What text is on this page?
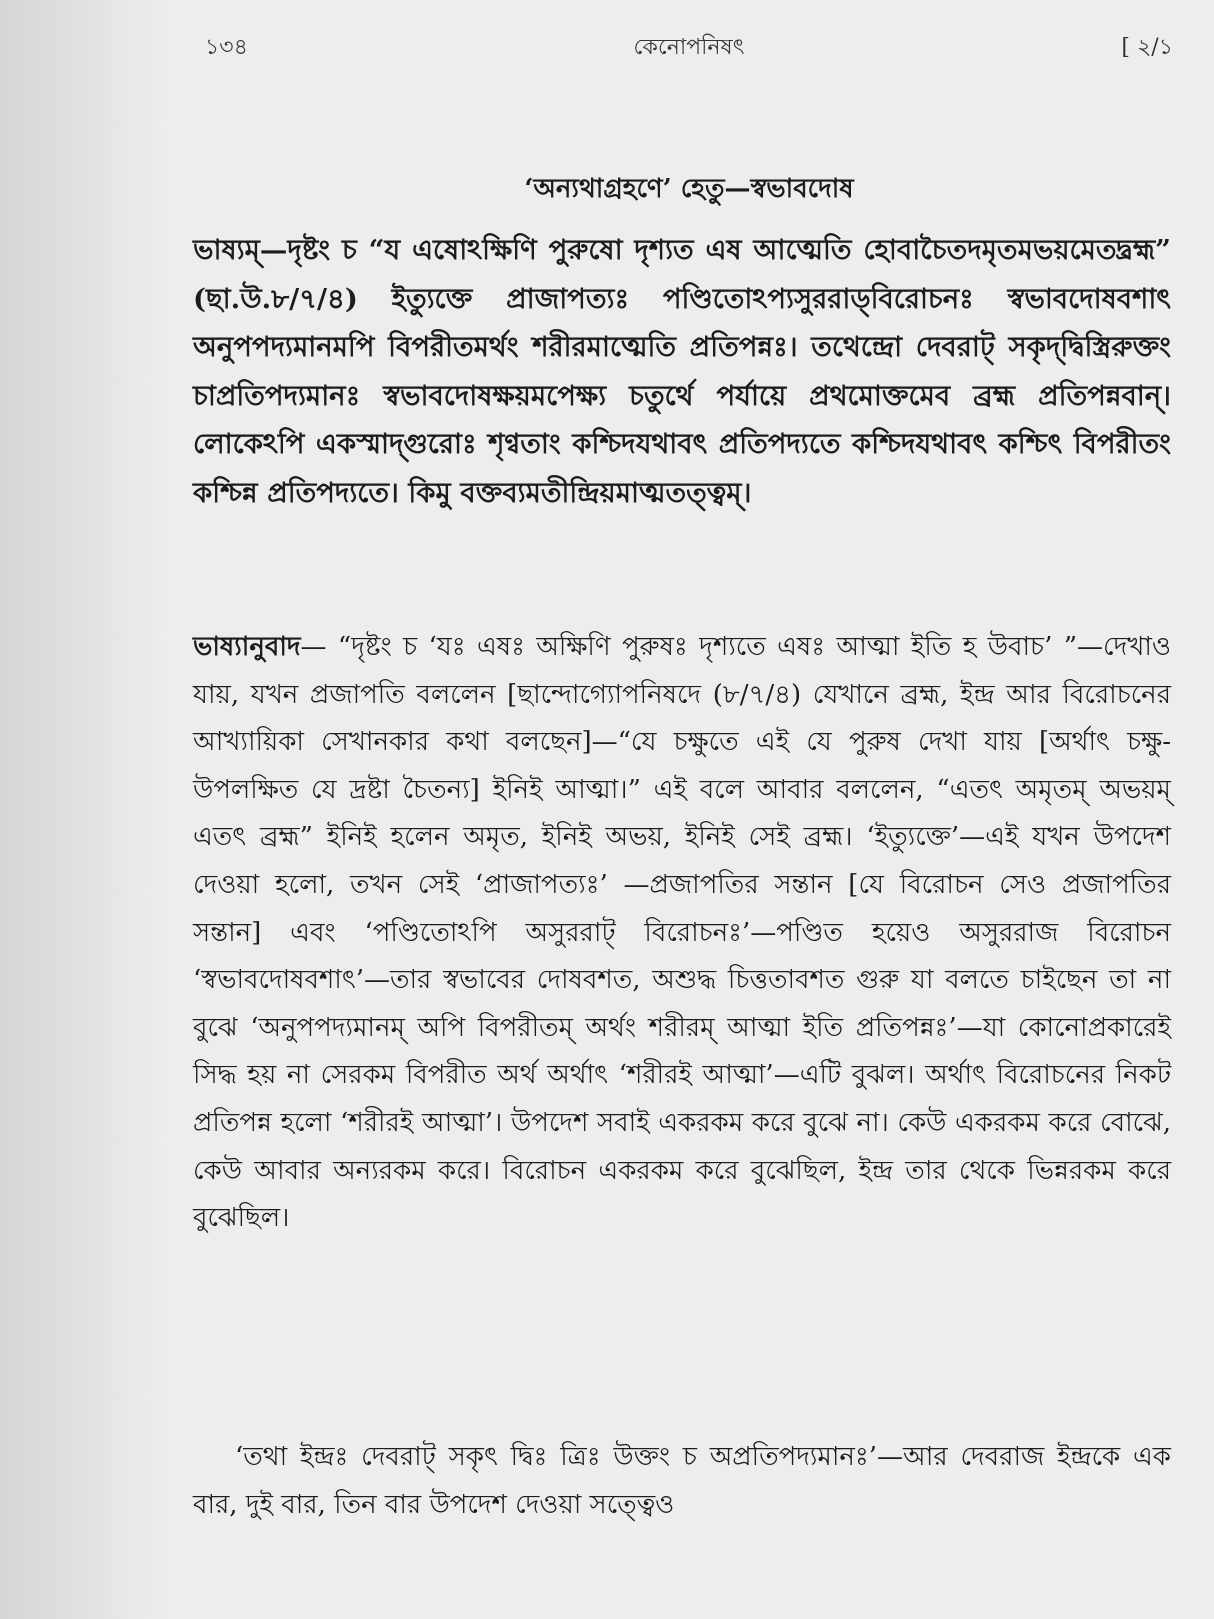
১৩৪	কেনোপনিষৎ	[ ২/১
‘অন্যথাগ্রহণে’ হেতু—স্বভাবদোষ

ভাষ্যম্—দৃষ্টং চ “য এষোঽক্ষিণি পুরুষো দৃশ্যত এষ আত্মেতি হোবাচৈতদমৃতমভয়মেতদ্ব্রহ্ম” (ছা.উ.৮/৭/৪) ইত্যুক্তে প্রাজাপত্যঃ পণ্ডিতোঽপ্যসুররাড্‌বিরোচনঃ স্বভাবদোষবশাৎ অনুপপদ্যমানমপি বিপরীতমর্থং শরীরমাত্মেতি প্রতিপন্নঃ। তথেন্দ্রো দেবরাট্ সকৃদ্‌দ্বিস্ত্রিরুক্তং চাপ্রতিপদ্যমানঃ স্বভাবদোষক্ষয়মপেক্ষ্য চতুর্থে পর্যায়ে প্রথমোক্তমেব ব্রহ্ম প্রতিপন্নবান্। লোকেঽপি একস্মাদ্‌গুরোঃ শৃণ্বতাং কশ্চিদযথাবৎ প্রতিপদ্যতে কশ্চিদযথাবৎ কশ্চিৎ বিপরীতং কশ্চিন্ন প্রতিপদ্যতে। কিমু বক্তব্যমতীন্দ্রিয়মাত্মতত্ত্বম্।

ভাষ্যানুবাদ— “দৃষ্টং চ ‘যঃ এষঃ অক্ষিণি পুরুষঃ দৃশ্যতে এষঃ আত্মা ইতি হ উবাচ’ ”—দেখাও যায়, যখন প্রজাপতি বললেন [ছান্দোগ্যোপনিষদে (৮/৭/৪) যেখানে ব্রহ্ম, ইন্দ্র আর বিরোচনের আখ্যায়িকা সেখানকার কথা বলছেন]—“যে চক্ষুতে এই যে পুরুষ দেখা যায় [অর্থাৎ চক্ষু-উপলক্ষিত যে দ্রষ্টা চৈতন্য] ইনিই আত্মা।” এই বলে আবার বললেন, “এতৎ অমৃতম্ অভয়ম্ এতৎ ব্রহ্ম” ইনিই হলেন অমৃত, ইনিই অভয়, ইনিই সেই ব্রহ্ম। ‘ইত্যুক্তে’—এই যখন উপদেশ দেওয়া হলো, তখন সেই ‘প্রাজাপত্যঃ’ —প্রজাপতির সন্তান [যে বিরোচন সেও প্রজাপতির সন্তান] এবং ‘পণ্ডিতোঽপি অসুররাট্ বিরোচনঃ’—পণ্ডিত হয়েও অসুররাজ বিরোচন ‘স্বভাবদোষবশাৎ’—তার স্বভাবের দোষবশত, অশুদ্ধ চিত্ততাবশত গুরু যা বলতে চাইছেন তা না বুঝে ‘অনুপপদ্যমানম্ অপি বিপরীতম্ অর্থং শরীরম্ আত্মা ইতি প্রতিপন্নঃ’—যা কোনোপ্রকারেই সিদ্ধ হয় না সেরকম বিপরীত অর্থ অর্থাৎ ‘শরীরই আত্মা’—এটি বুঝল। অর্থাৎ বিরোচনের নিকট প্রতিপন্ন হলো ‘শরীরই আত্মা’। উপদেশ সবাই একরকম করে বুঝে না। কেউ একরকম করে বোঝে, কেউ আবার অন্যরকম করে। বিরোচন একরকম করে বুঝেছিল, ইন্দ্র তার থেকে ভিন্নরকম করে বুঝেছিল।

‘তথা ইন্দ্রঃ দেবরাট্ সকৃৎ দ্বিঃ ত্রিঃ উক্তং চ অপ্রতিপদ্যমানঃ’—আর দেবরাজ ইন্দ্রকে এক বার, দুই বার, তিন বার উপদেশ দেওয়া সত্ত্বেও
